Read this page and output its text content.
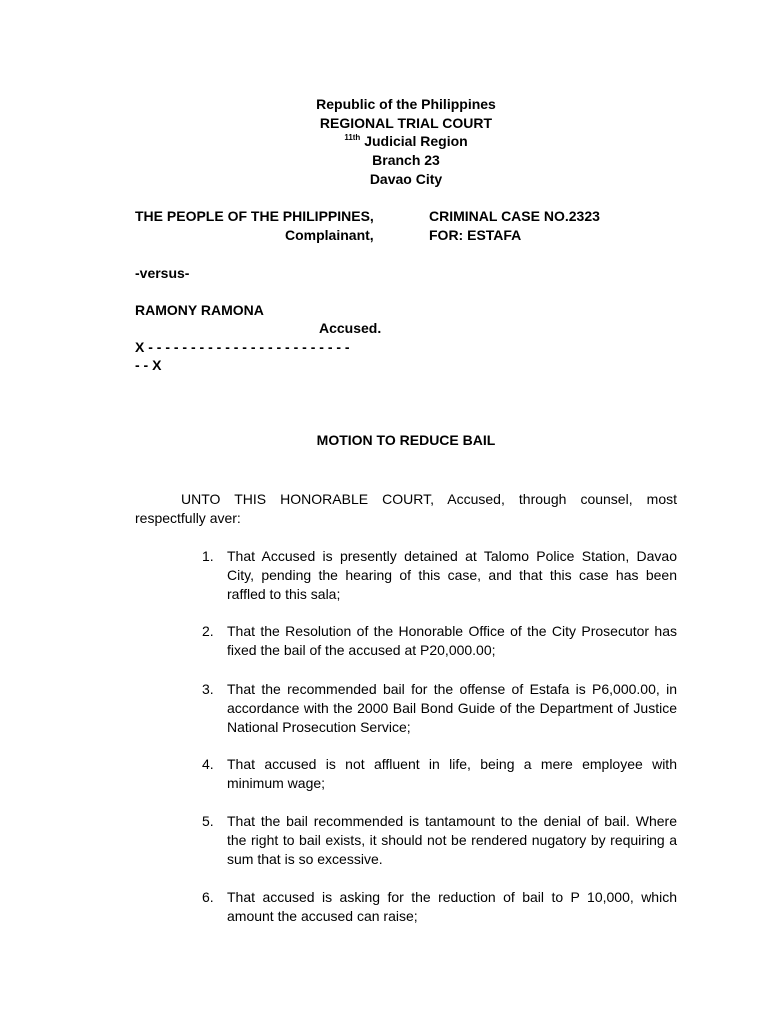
Republic of the Philippines
REGIONAL TRIAL COURT
$^{11th}$ Judicial Region
Branch 23
Davao City
THE PEOPLE OF THE PHILIPPINES,
Complainant,
CRIMINAL CASE NO.2323
FOR: ESTAFA
-versus-
RAMONY RAMONA
Accused.
X - - - - - - - - - - - - - - - - - - - - - - - -
- - X
MOTION TO REDUCE BAIL
UNTO THIS HONORABLE COURT, Accused, through counsel, most respectfully aver:
1. That Accused is presently detained at Talomo Police Station, Davao City, pending the hearing of this case, and that this case has been raffled to this sala;
2. That the Resolution of the Honorable Office of the City Prosecutor has fixed the bail of the accused at P20,000.00;
3. That the recommended bail for the offense of Estafa is P6,000.00, in accordance with the 2000 Bail Bond Guide of the Department of Justice National Prosecution Service;
4. That accused is not affluent in life, being a mere employee with minimum wage;
5. That the bail recommended is tantamount to the denial of bail. Where the right to bail exists, it should not be rendered nugatory by requiring a sum that is so excessive.
6. That accused is asking for the reduction of bail to P 10,000, which amount the accused can raise;
